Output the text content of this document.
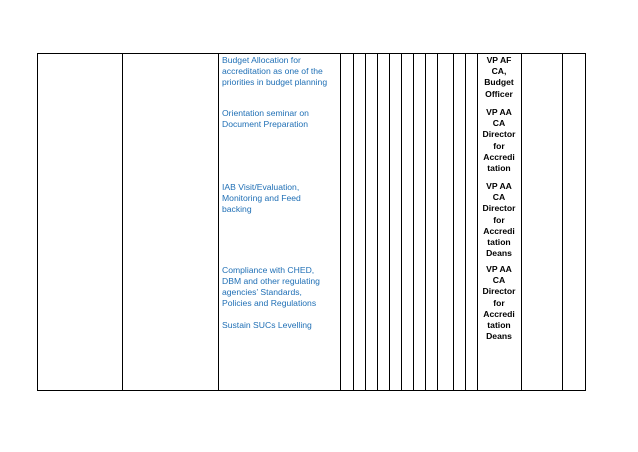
Budget Allocation for
accreditation as one of the
priorities in budget planning
Orientation seminar on
Document Preparation
IAB Visit/Evaluation,
Monitoring and Feed
backing
Compliance with CHED,
DBM and other regulating
agencies’ Standards,
Policies and Regulations

Sustain SUCs Levelling
VP AF
CA,
Budget
Officer
VP AA
CA
Director
for
Accredi
tation
VP AA
CA
Director
for
Accredi
tation
Deans
VP AA
CA
Director
for
Accredi
tation
Deans
